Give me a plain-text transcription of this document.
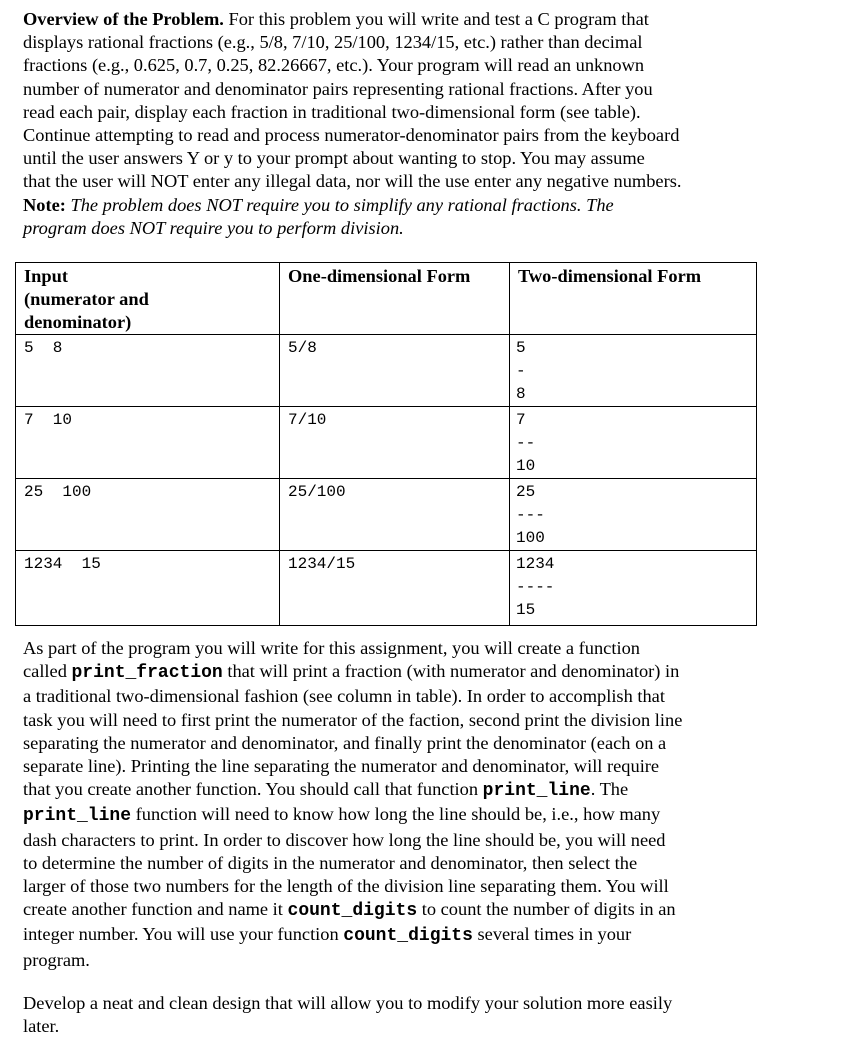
Overview of the Problem. For this problem you will write and test a C program that
displays rational fractions (e.g., 5/8, 7/10, 25/100, 1234/15, etc.) rather than decimal
fractions (e.g., 0.625, 0.7, 0.25, 82.26667, etc.). Your program will read an unknown
number of numerator and denominator pairs representing rational fractions. After you
read each pair, display each fraction in traditional two-dimensional form (see table).
Continue attempting to read and process numerator-denominator pairs from the keyboard
until the user answers Y or y to your prompt about wanting to stop. You may assume
that the user will NOT enter any illegal data, nor will the use enter any negative numbers.
Note: The problem does NOT require you to simplify any rational fractions. The
program does NOT require you to perform division.
Input
(numerator and
denominator)	One-dimensional Form	Two-dimensional Form
5  8	5/8	5
-
8

7  10	7/10	7
--
10

25  100	25/100	25
---
100

1234  15	1234/15	1234
----
15
As part of the program you will write for this assignment, you will create a function
called print_fraction that will print a fraction (with numerator and denominator) in
a traditional two-dimensional fashion (see column in table). In order to accomplish that
task you will need to first print the numerator of the faction, second print the division line
separating the numerator and denominator, and finally print the denominator (each on a
separate line). Printing the line separating the numerator and denominator, will require
that you create another function. You should call that function print_line. The
print_line function will need to know how long the line should be, i.e., how many
dash characters to print. In order to discover how long the line should be, you will need
to determine the number of digits in the numerator and denominator, then select the
larger of those two numbers for the length of the division line separating them. You will
create another function and name it count_digits to count the number of digits in an
integer number. You will use your function count_digits several times in your
program.
Develop a neat and clean design that will allow you to modify your solution more easily
later.
